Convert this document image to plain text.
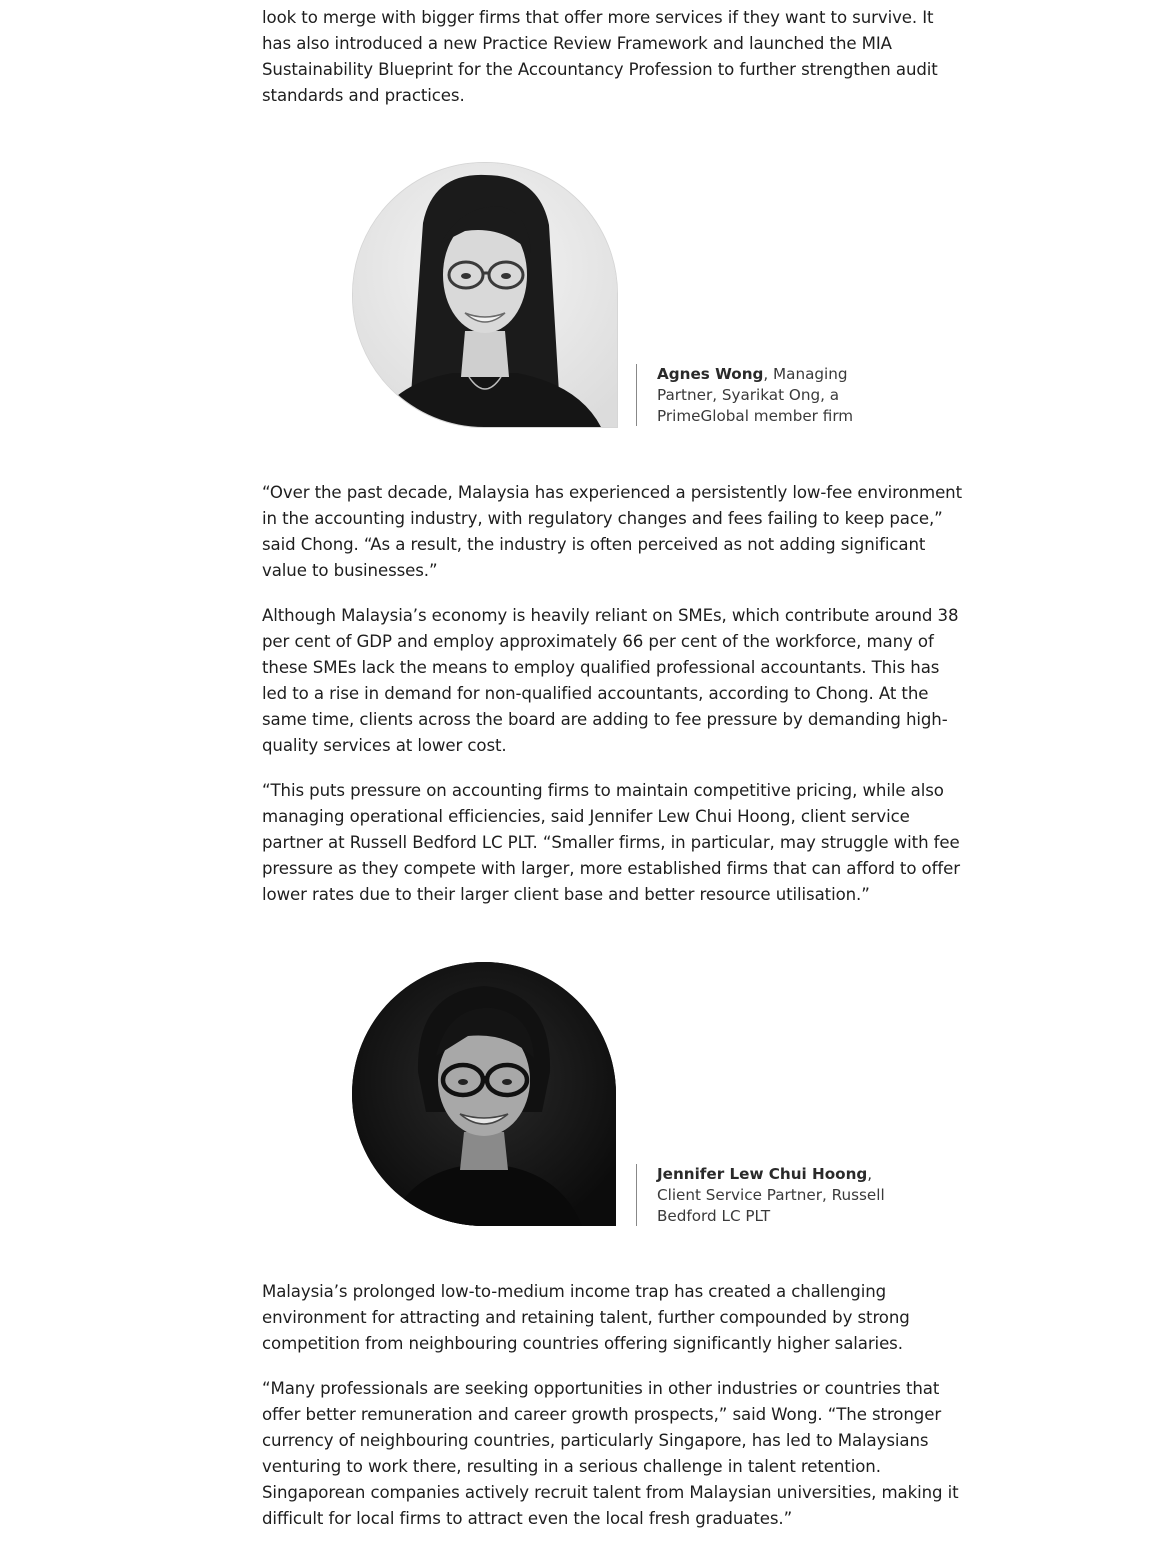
look to merge with bigger firms that offer more services if they want to survive. It has also introduced a new Practice Review Framework and launched the MIA Sustainability Blueprint for the Accountancy Profession to further strengthen audit standards and practices.

Agnes Wong, Managing Partner, Syarikat Ong, a PrimeGlobal member firm

“Over the past decade, Malaysia has experienced a persistently low-fee environment in the accounting industry, with regulatory changes and fees failing to keep pace,” said Chong. “As a result, the industry is often perceived as not adding significant value to businesses.”

Although Malaysia’s economy is heavily reliant on SMEs, which contribute around 38 per cent of GDP and employ approximately 66 per cent of the workforce, many of these SMEs lack the means to employ qualified professional accountants. This has led to a rise in demand for non-qualified accountants, according to Chong. At the same time, clients across the board are adding to fee pressure by demanding high-quality services at lower cost.

“This puts pressure on accounting firms to maintain competitive pricing, while also managing operational efficiencies, said Jennifer Lew Chui Hoong, client service partner at Russell Bedford LC PLT. “Smaller firms, in particular, may struggle with fee pressure as they compete with larger, more established firms that can afford to offer lower rates due to their larger client base and better resource utilisation.”

Jennifer Lew Chui Hoong, Client Service Partner, Russell Bedford LC PLT

Malaysia’s prolonged low-to-medium income trap has created a challenging environment for attracting and retaining talent, further compounded by strong competition from neighbouring countries offering significantly higher salaries.

“Many professionals are seeking opportunities in other industries or countries that offer better remuneration and career growth prospects,” said Wong. “The stronger currency of neighbouring countries, particularly Singapore, has led to Malaysians venturing to work there, resulting in a serious challenge in talent retention. Singaporean companies actively recruit talent from Malaysian universities, making it difficult for local firms to attract even the local fresh graduates.”
